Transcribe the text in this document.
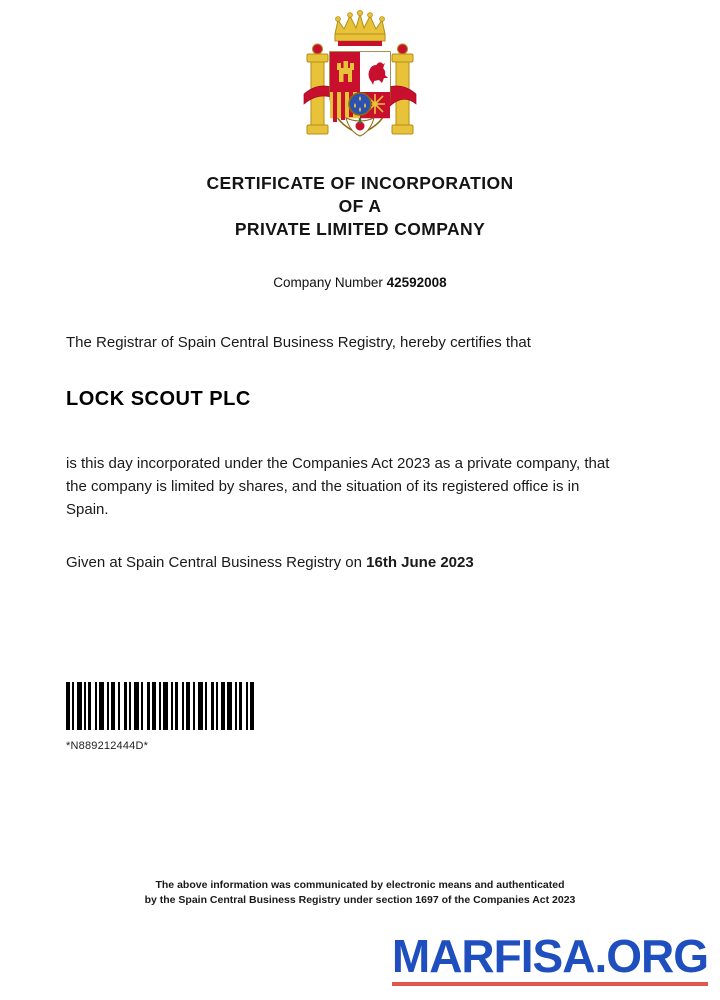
CERTIFICATE OF INCORPORATION
OF A
PRIVATE LIMITED COMPANY
Company Number 42592008
The Registrar of Spain Central Business Registry, hereby certifies that
LOCK SCOUT PLC
is this day incorporated under the Companies Act 2023 as a private company, that the company is limited by shares, and the situation of its registered office is in Spain.
Given at Spain Central Business Registry on 16th June 2023
*N889212444D*
The above information was communicated by electronic means and authenticated
by the Spain Central Business Registry under section 1697 of the Companies Act 2023
MARFISA.ORG
